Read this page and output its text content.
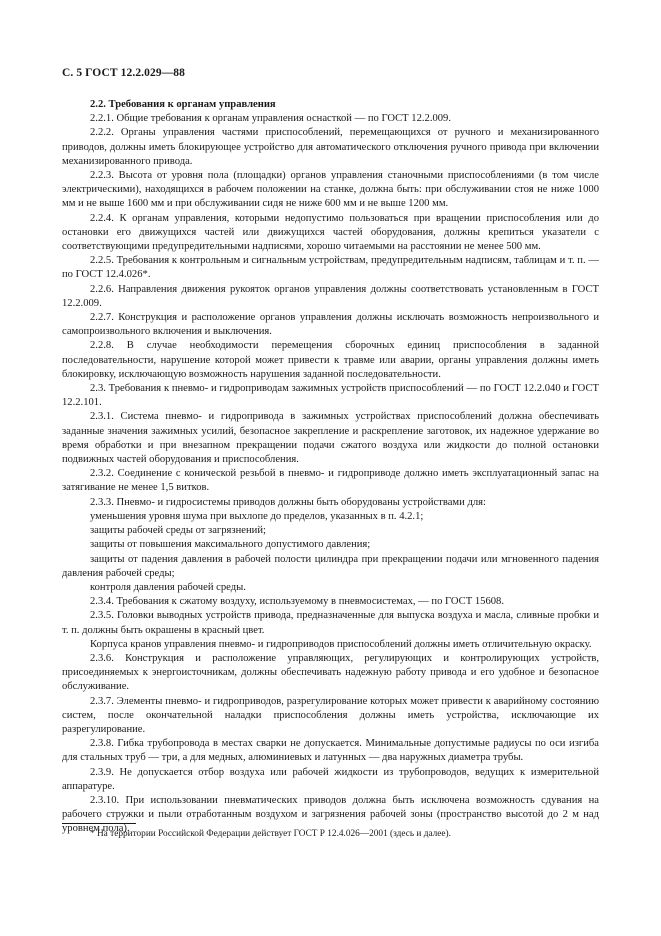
С. 5 ГОСТ 12.2.029—88

2.2. Требования к органам управления

2.2.1. Общие требования к органам управления оснасткой — по ГОСТ 12.2.009.

2.2.2. Органы управления частями приспособлений, перемещающихся от ручного и механизированного приводов, должны иметь блокирующее устройство для автоматического отключения ручного привода при включении механизированного привода.

2.2.3. Высота от уровня пола (площадки) органов управления станочными приспособлениями (в том числе электрическими), находящихся в рабочем положении на станке, должна быть: при обслуживании стоя не ниже 1000 мм и не выше 1600 мм и при обслуживании сидя не ниже 600 мм и не выше 1200 мм.

2.2.4. К органам управления, которыми недопустимо пользоваться при вращении приспособления или до остановки его движущихся частей или движущихся частей оборудования, должны крепиться указатели с соответствующими предупредительными надписями, хорошо читаемыми на расстоянии не менее 500 мм.

2.2.5. Требования к контрольным и сигнальным устройствам, предупредительным надписям, таблицам и т. п. — по ГОСТ 12.4.026*.

2.2.6. Направления движения рукояток органов управления должны соответствовать установленным в ГОСТ 12.2.009.

2.2.7. Конструкция и расположение органов управления должны исключать возможность непроизвольного и самопроизвольного включения и выключения.

2.2.8. В случае необходимости перемещения сборочных единиц приспособления в заданной последовательности, нарушение которой может привести к травме или аварии, органы управления должны иметь блокировку, исключающую возможность нарушения заданной последовательности.

2.3. Требования к пневмо- и гидроприводам зажимных устройств приспособлений — по ГОСТ 12.2.040 и ГОСТ 12.2.101.

2.3.1. Система пневмо- и гидропривода в зажимных устройствах приспособлений должна обеспечивать заданные значения зажимных усилий, безопасное закрепление и раскрепление заготовок, их надежное удержание во время обработки и при внезапном прекращении подачи сжатого воздуха или жидкости до полной остановки подвижных частей оборудования и приспособления.

2.3.2. Соединение с конической резьбой в пневмо- и гидроприводе должно иметь эксплуатационный запас на затягивание не менее 1,5 витков.

2.3.3. Пневмо- и гидросистемы приводов должны быть оборудованы устройствами для:

уменьшения уровня шума при выхлопе до пределов, указанных в п. 4.2.1;

защиты рабочей среды от загрязнений;

защиты от повышения максимального допустимого давления;

защиты от падения давления в рабочей полости цилиндра при прекращении подачи или мгновенного падения давления рабочей среды;

контроля давления рабочей среды.

2.3.4. Требования к сжатому воздуху, используемому в пневмосистемах, — по ГОСТ 15608.

2.3.5. Головки выводных устройств привода, предназначенные для выпуска воздуха и масла, сливные пробки и т. п. должны быть окрашены в красный цвет.

Корпуса кранов управления пневмо- и гидроприводов приспособлений должны иметь отличительную окраску.

2.3.6. Конструкция и расположение управляющих, регулирующих и контролирующих устройств, присоединяемых к энергоисточникам, должны обеспечивать надежную работу привода и его удобное и безопасное обслуживание.

2.3.7. Элементы пневмо- и гидроприводов, разрегулирование которых может привести к аварийному состоянию систем, после окончательной наладки приспособления должны иметь устройства, исключающие их разрегулирование.

2.3.8. Гибка трубопровода в местах сварки не допускается. Минимальные допустимые радиусы по оси изгиба для стальных труб — три, а для медных, алюминиевых и латунных — два наружных диаметра трубы.

2.3.9. Не допускается отбор воздуха или рабочей жидкости из трубопроводов, ведущих к измерительной аппаратуре.

2.3.10. При использовании пневматических приводов должна быть исключена возможность сдувания на рабочего стружки и пыли отработанным воздухом и загрязнения рабочей зоны (пространство высотой до 2 м над уровнем пола).

* На территории Российской Федерации действует ГОСТ Р 12.4.026—2001 (здесь и далее).
